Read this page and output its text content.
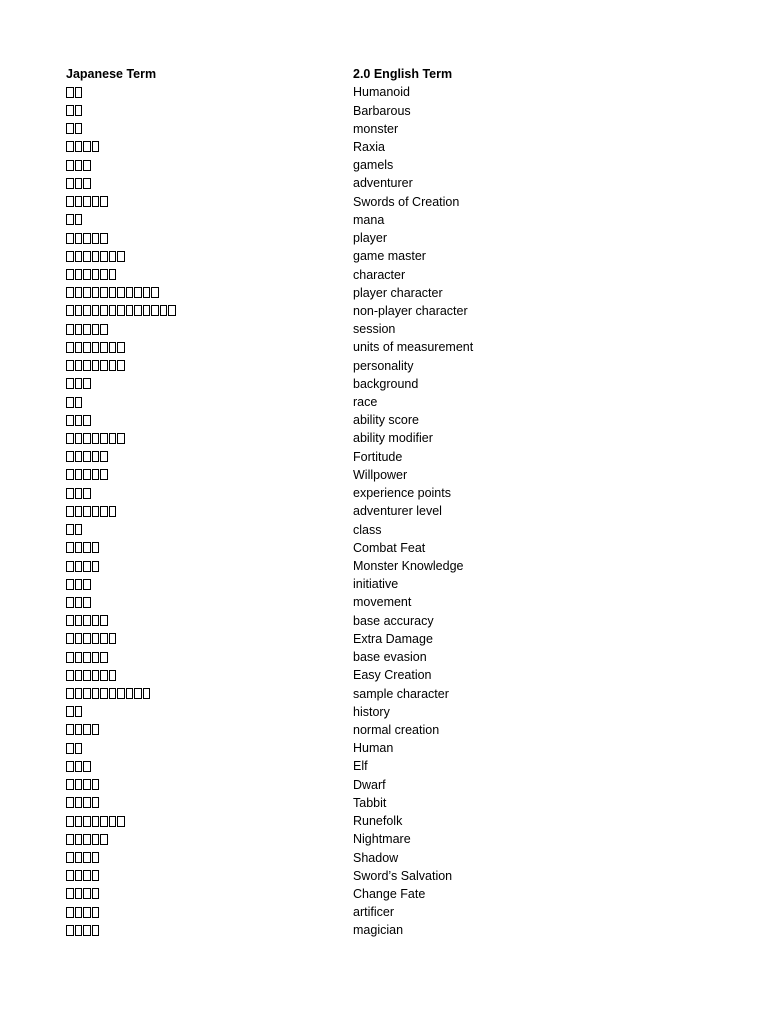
Japanese Term	2.0 English Term
Humanoid
Barbarous
monster
Raxia
gamels
adventurer
Swords of Creation
mana
player
game master
character
player character
non-player character
session
units of measurement
personality
background
race
ability score
ability modifier
Fortitude
Willpower
experience points
adventurer level
class
Combat Feat
Monster Knowledge
initiative
movement
base accuracy
Extra Damage
base evasion
Easy Creation
sample character
history
normal creation
Human
Elf
Dwarf
Tabbit
Runefolk
Nightmare
Shadow
Sword’s Salvation
Change Fate
artificer
magician
